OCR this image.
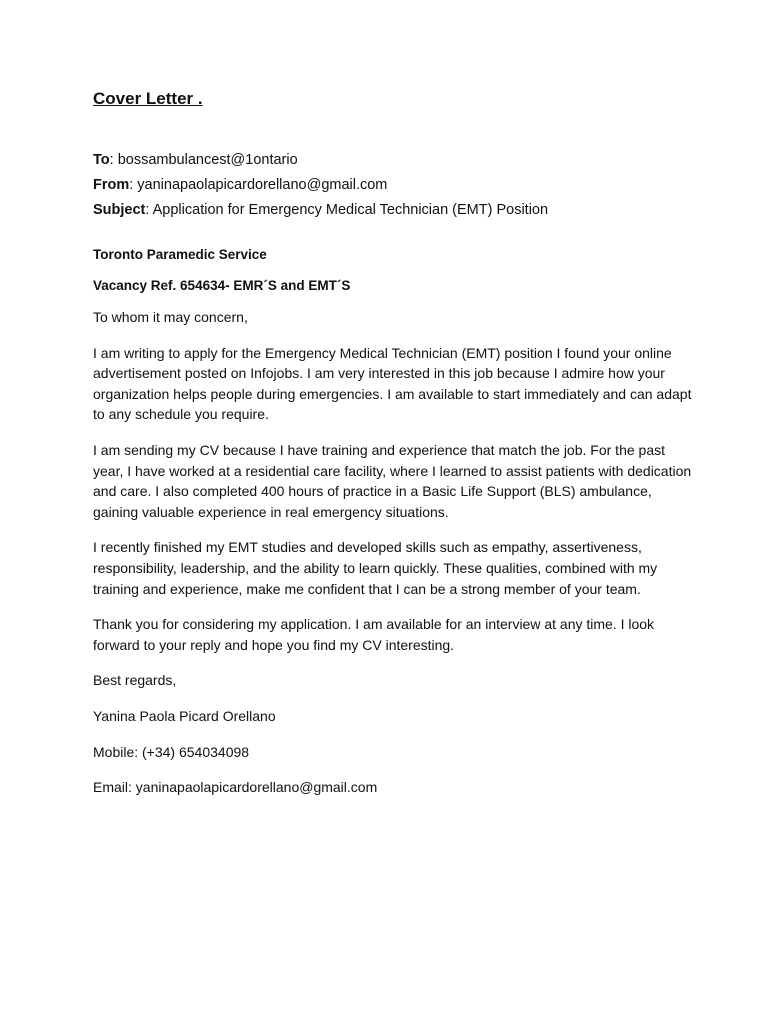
Cover Letter .
To: bossambulancest@1ontario
From: yaninapaolapicardorellano@gmail.com
Subject: Application for Emergency Medical Technician (EMT) Position
Toronto Paramedic Service
Vacancy Ref. 654634- EMR´S and EMT´S
To whom it may concern,

I am writing to apply for the Emergency Medical Technician (EMT) position I found your online advertisement posted on Infojobs. I am very interested in this job because I admire how your organization helps people during emergencies. I am available to start immediately and can adapt to any schedule you require.

I am sending my CV because I have training and experience that match the job. For the past year, I have worked at a residential care facility, where I learned to assist patients with dedication and care. I also completed 400 hours of practice in a Basic Life Support (BLS) ambulance, gaining valuable experience in real emergency situations.

I recently finished my EMT studies and developed skills such as empathy, assertiveness, responsibility, leadership, and the ability to learn quickly. These qualities, combined with my training and experience, make me confident that I can be a strong member of your team.

Thank you for considering my application. I am available for an interview at any time. I look forward to your reply and hope you find my CV interesting.

Best regards,
Yanina Paola Picard Orellano
Mobile: (+34) 654034098
Email: yaninapaolapicardorellano@gmail.com
